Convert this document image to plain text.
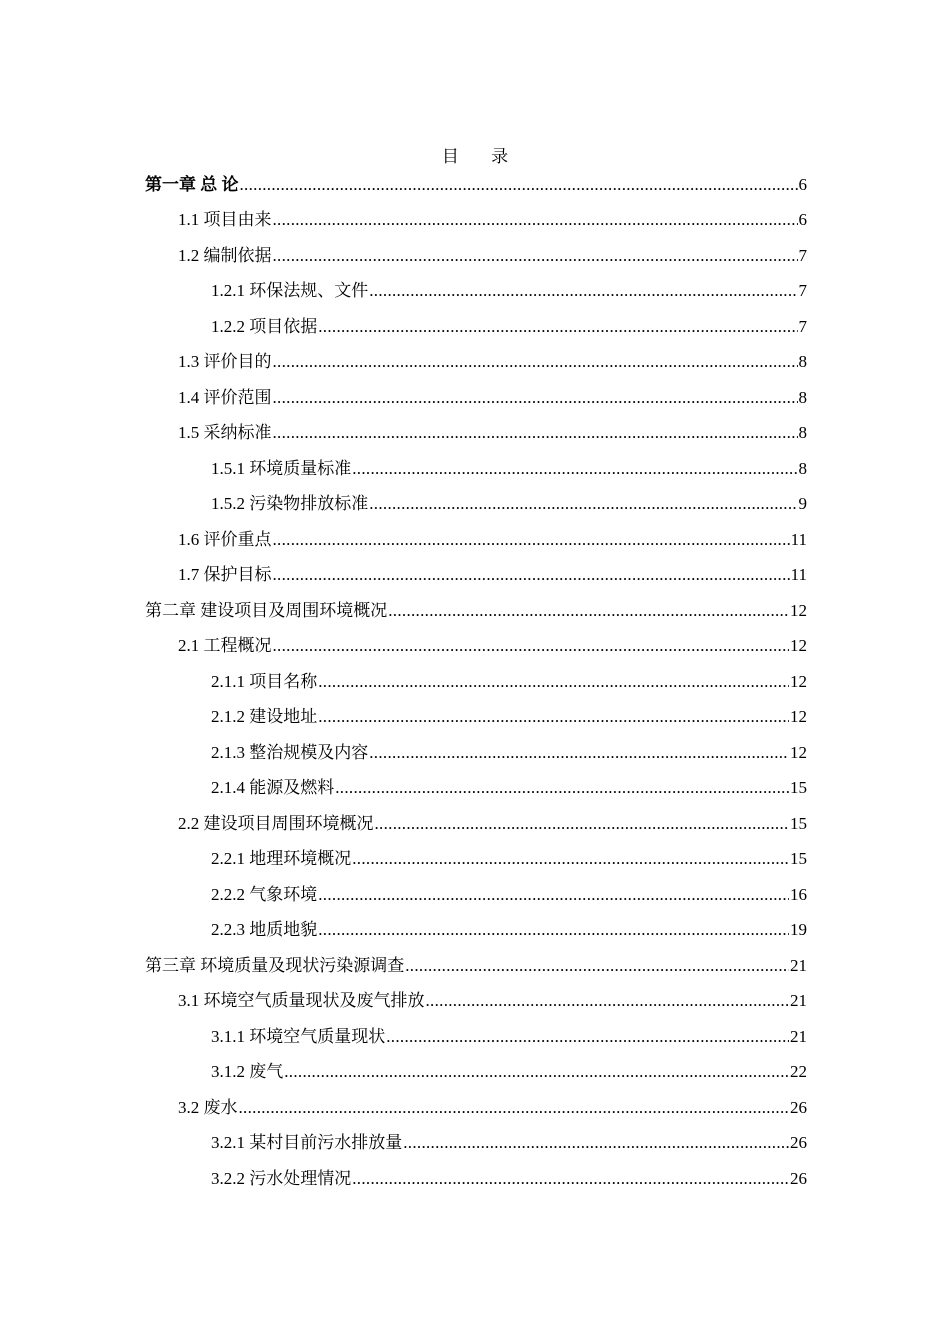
目 录
第一章 总 论 .....	6
1.1 项目由来 .....	6
1.2 编制依据 .....	7
1.2.1 环保法规、文件 .....	7
1.2.2 项目依据 .....	7
1.3 评价目的 .....	8
1.4 评价范围 .....	8
1.5 采纳标准 .....	8
1.5.1 环境质量标准 .....	8
1.5.2 污染物排放标准 .....	9
1.6 评价重点 .....	11
1.7 保护目标 .....	11
第二章 建设项目及周围环境概况 .....	12
2.1 工程概况 .....	12
2.1.1 项目名称 .....	12
2.1.2 建设地址 .....	12
2.1.3 整治规模及内容 .....	12
2.1.4 能源及燃料 .....	15
2.2 建设项目周围环境概况 .....	15
2.2.1 地理环境概况 .....	15
2.2.2 气象环境 .....	16
2.2.3 地质地貌 .....	19
第三章 环境质量及现状污染源调查 .....	21
3.1 环境空气质量现状及废气排放 .....	21
3.1.1 环境空气质量现状 .....	21
3.1.2 废气 .....	22
3.2 废水 .....	26
3.2.1 某村目前污水排放量 .....	26
3.2.2 污水处理情况 .....	26
